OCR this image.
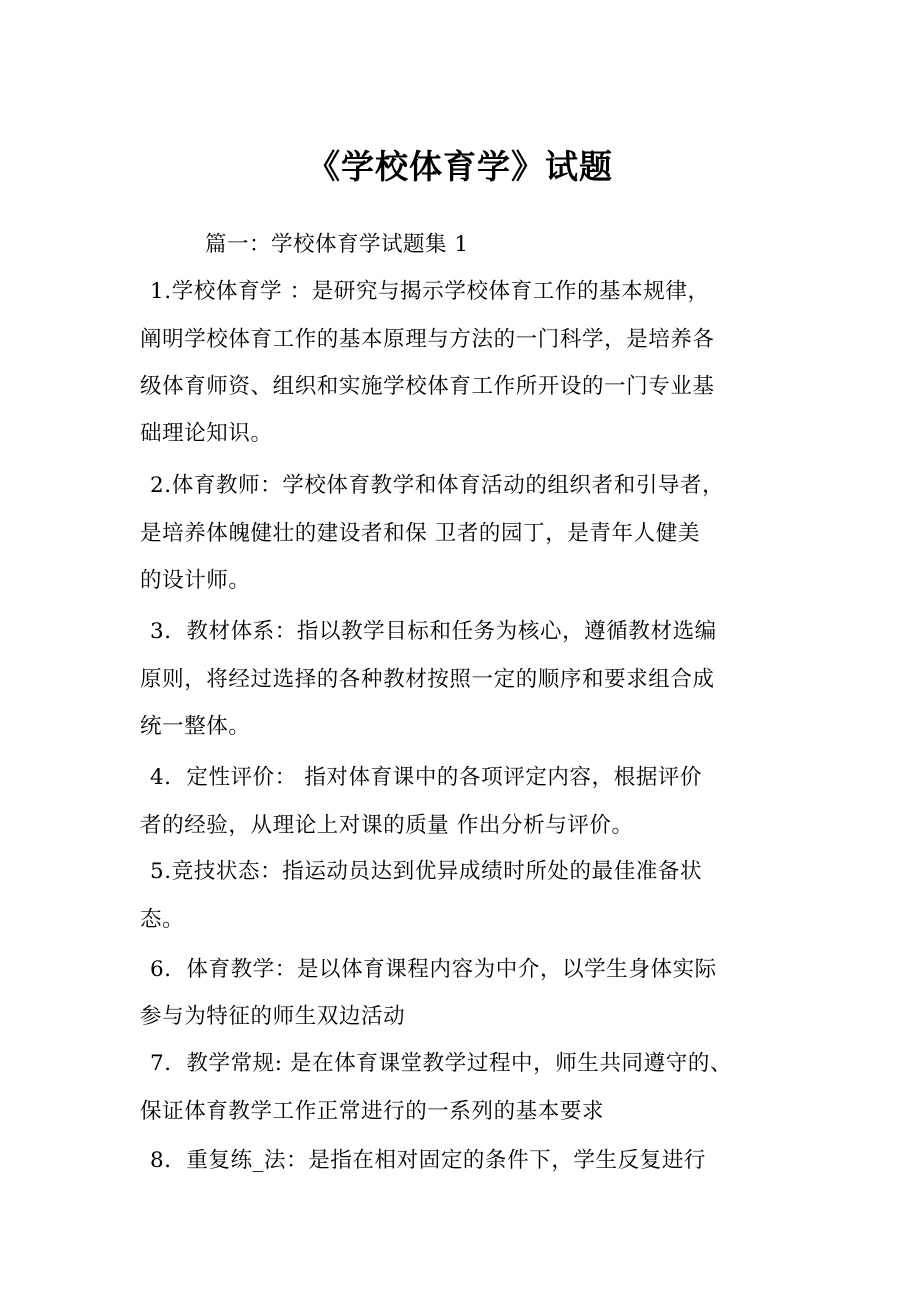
《学校体育学》试题
篇一：学校体育学试题集 1
1.学校体育学 ：是研究与揭示学校体育工作的基本规律，
阐明学校体育工作的基本原理与方法的一门科学，是培养各
级体育师资、组织和实施学校体育工作所开设的一门专业基
础理论知识。
2.体育教师：学校体育教学和体育活动的组织者和引导者，
是培养体魄健壮的建设者和保 卫者的园丁，是青年人健美
的设计师。
3．教材体系：指以教学目标和任务为核心，遵循教材选编
原则，将经过选择的各种教材按照一定的顺序和要求组合成
统一整体。
4．定性评价： 指对体育课中的各项评定内容，根据评价
者的经验，从理论上对课的质量 作出分析与评价。
5.竞技状态：指运动员达到优异成绩时所处的最佳准备状
态。
6．体育教学：是以体育课程内容为中介，以学生身体实际
参与为特征的师生双边活动
7．教学常规: 是在体育课堂教学过程中，师生共同遵守的、
保证体育教学工作正常进行的一系列的基本要求
8．重复练_法：是指在相对固定的条件下，学生反复进行
